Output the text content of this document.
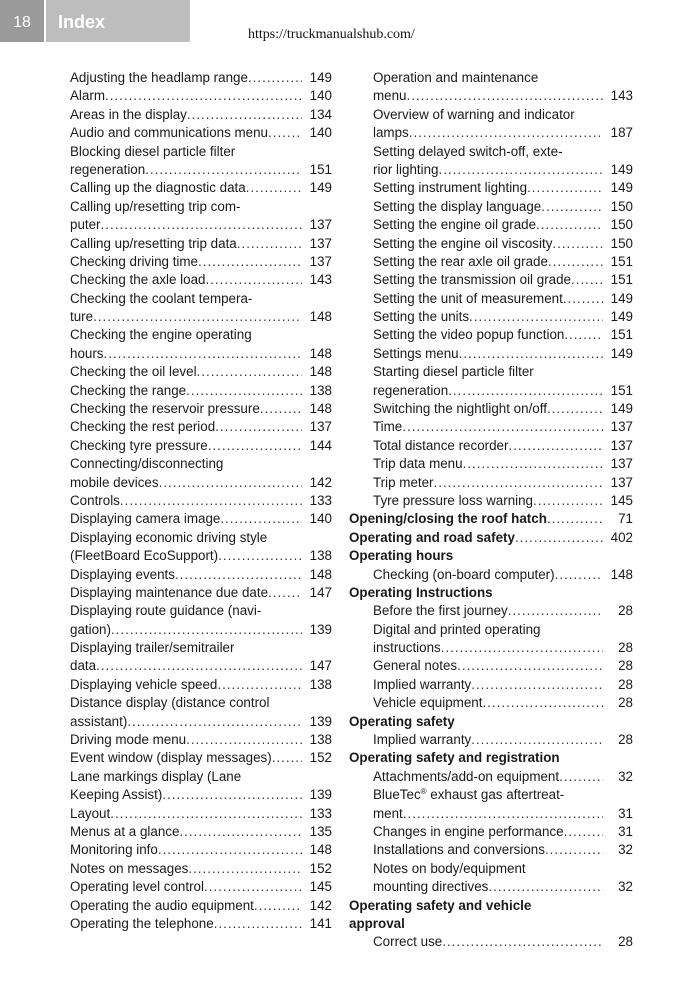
18	Index
https://truckmanualshub.com/
Adjusting the headlamp range .....	149
Alarm .....	140
Areas in the display .....	134
Audio and communications menu .....	140
Blocking diesel particle filter
regeneration .....	151
Calling up the diagnostic data .....	149
Calling up/resetting trip com-
puter .....	137
Calling up/resetting trip data .....	137
Checking driving time .....	137
Checking the axle load .....	143
Checking the coolant tempera-
ture .....	148
Checking the engine operating
hours .....	148
Checking the oil level .....	148
Checking the range .....	138
Checking the reservoir pressure .....	148
Checking the rest period .....	137
Checking tyre pressure .....	144
Connecting/disconnecting
mobile devices .....	142
Controls .....	133
Displaying camera image .....	140
Displaying economic driving style
(FleetBoard EcoSupport) .....	138
Displaying events .....	148
Displaying maintenance due date .....	147
Displaying route guidance (navi-
gation) .....	139
Displaying trailer/semitrailer
data .....	147
Displaying vehicle speed .....	138
Distance display (distance control
assistant) .....	139
Driving mode menu .....	138
Event window (display messages) .....	152
Lane markings display (Lane
Keeping Assist) .....	139
Layout .....	133
Menus at a glance .....	135
Monitoring info .....	148
Notes on messages .....	152
Operating level control .....	145
Operating the audio equipment .....	142
Operating the telephone .....	141
Operation and maintenance
menu .....	143
Overview of warning and indicator
lamps .....	187
Setting delayed switch-off, exte-
rior lighting .....	149
Setting instrument lighting .....	149
Setting the display language .....	150
Setting the engine oil grade .....	150
Setting the engine oil viscosity .....	150
Setting the rear axle oil grade .....	151
Setting the transmission oil grade .....	151
Setting the unit of measurement .....	149
Setting the units .....	149
Setting the video popup function .....	151
Settings menu .....	149
Starting diesel particle filter
regeneration .....	151
Switching the nightlight on/off .....	149
Time .....	137
Total distance recorder .....	137
Trip data menu .....	137
Trip meter .....	137
Tyre pressure loss warning .....	145
Opening/closing the roof hatch .....	71
Operating and road safety .....	402
Operating hours
Checking (on-board computer) .....	148
Operating Instructions
Before the first journey .....	28
Digital and printed operating
instructions .....	28
General notes .....	28
Implied warranty .....	28
Vehicle equipment .....	28
Operating safety
Implied warranty .....	28
Operating safety and registration
Attachments/add-on equipment .....	32
BlueTec® exhaust gas aftertreat-
ment .....	31
Changes in engine performance .....	31
Installations and conversions .....	32
Notes on body/equipment
mounting directives .....	32
Operating safety and vehicle
approval
Correct use .....	28
